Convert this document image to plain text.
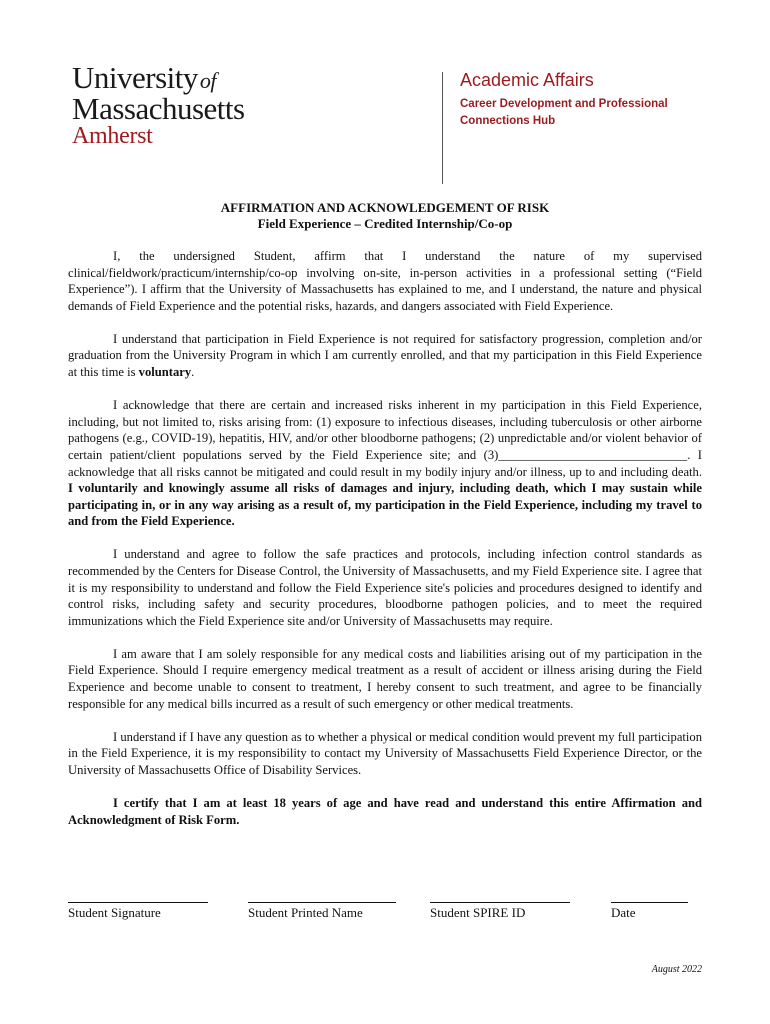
Universityof
Massachusetts
Amherst
Academic Affairs
Career Development and Professional Connections Hub
AFFIRMATION AND ACKNOWLEDGEMENT OF RISK
Field Experience – Credited Internship/Co-op

I, the undersigned Student, affirm that I understand the nature of my supervised clinical/fieldwork/practicum/internship/co-op involving on-site, in-person activities in a professional setting (“Field Experience”). I affirm that the University of Massachusetts has explained to me, and I understand, the nature and physical demands of Field Experience and the potential risks, hazards, and dangers associated with Field Experience.

I understand that participation in Field Experience is not required for satisfactory progression, completion and/or graduation from the University Program in which I am currently enrolled, and that my participation in this Field Experience at this time is voluntary.

I acknowledge that there are certain and increased risks inherent in my participation in this Field Experience, including, but not limited to, risks arising from: (1) exposure to infectious diseases, including tuberculosis or other airborne pathogens (e.g., COVID-19), hepatitis, HIV, and/or other bloodborne pathogens; (2) unpredictable and/or violent behavior of certain patient/client populations served by the Field Experience site; and (3)______________________________. I acknowledge that all risks cannot be mitigated and could result in my bodily injury and/or illness, up to and including death. I voluntarily and knowingly assume all risks of damages and injury, including death, which I may sustain while participating in, or in any way arising as a result of, my participation in the Field Experience, including my travel to and from the Field Experience.

I understand and agree to follow the safe practices and protocols, including infection control standards as recommended by the Centers for Disease Control, the University of Massachusetts, and my Field Experience site. I agree that it is my responsibility to understand and follow the Field Experience site's policies and procedures designed to identify and control risks, including safety and security procedures, bloodborne pathogen policies, and to meet the required immunizations which the Field Experience site and/or University of Massachusetts may require.

I am aware that I am solely responsible for any medical costs and liabilities arising out of my participation in the Field Experience. Should I require emergency medical treatment as a result of accident or illness arising during the Field Experience and become unable to consent to treatment, I hereby consent to such treatment, and agree to be financially responsible for any medical bills incurred as a result of such emergency or other medical treatments.

I understand if I have any question as to whether a physical or medical condition would prevent my full participation in the Field Experience, it is my responsibility to contact my University of Massachusetts Field Experience Director, or the University of Massachusetts Office of Disability Services.

I certify that I am at least 18 years of age and have read and understand this entire Affirmation and Acknowledgment of Risk Form.

Student Signature	Student Printed Name	Student SPIRE ID	Date
August 2022
